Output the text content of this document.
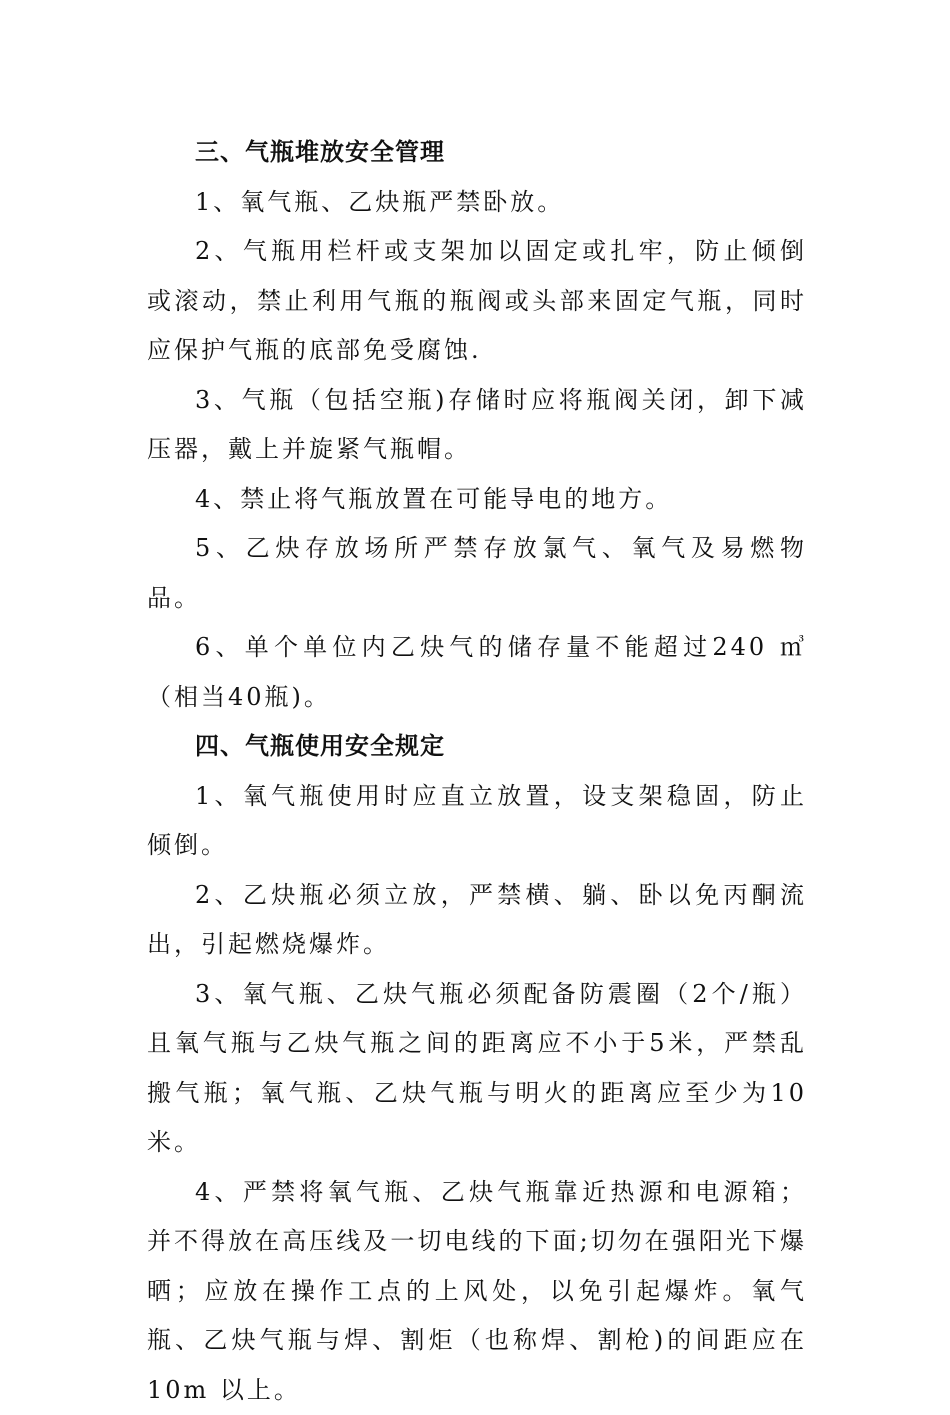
三、气瓶堆放安全管理

1、氧气瓶、乙炔瓶严禁卧放。

2、气瓶用栏杆或支架加以固定或扎牢，防止倾倒或滚动，禁止利用气瓶的瓶阀或头部来固定气瓶，同时应保护气瓶的底部免受腐蚀.

3、气瓶（包括空瓶)存储时应将瓶阀关闭，卸下减压器，戴上并旋紧气瓶帽。

4、禁止将气瓶放置在可能导电的地方。

5、乙炔存放场所严禁存放氯气、氧气及易燃物品。

6、单个单位内乙炔气的储存量不能超过240 ㎥（相当40瓶)。

四、气瓶使用安全规定

1、氧气瓶使用时应直立放置，设支架稳固，防止倾倒。

2、乙炔瓶必须立放，严禁横、躺、卧以免丙酮流出，引起燃烧爆炸。

3、氧气瓶、乙炔气瓶必须配备防震圈（2个/瓶）且氧气瓶与乙炔气瓶之间的距离应不小于5米，严禁乱搬气瓶；氧气瓶、乙炔气瓶与明火的距离应至少为10米。

4、严禁将氧气瓶、乙炔气瓶靠近热源和电源箱；并不得放在高压线及一切电线的下面;切勿在强阳光下爆晒；应放在操作工点的上风处，以免引起爆炸。氧气瓶、乙炔气瓶与焊、割炬（也称焊、割枪)的间距应在10m 以上。
